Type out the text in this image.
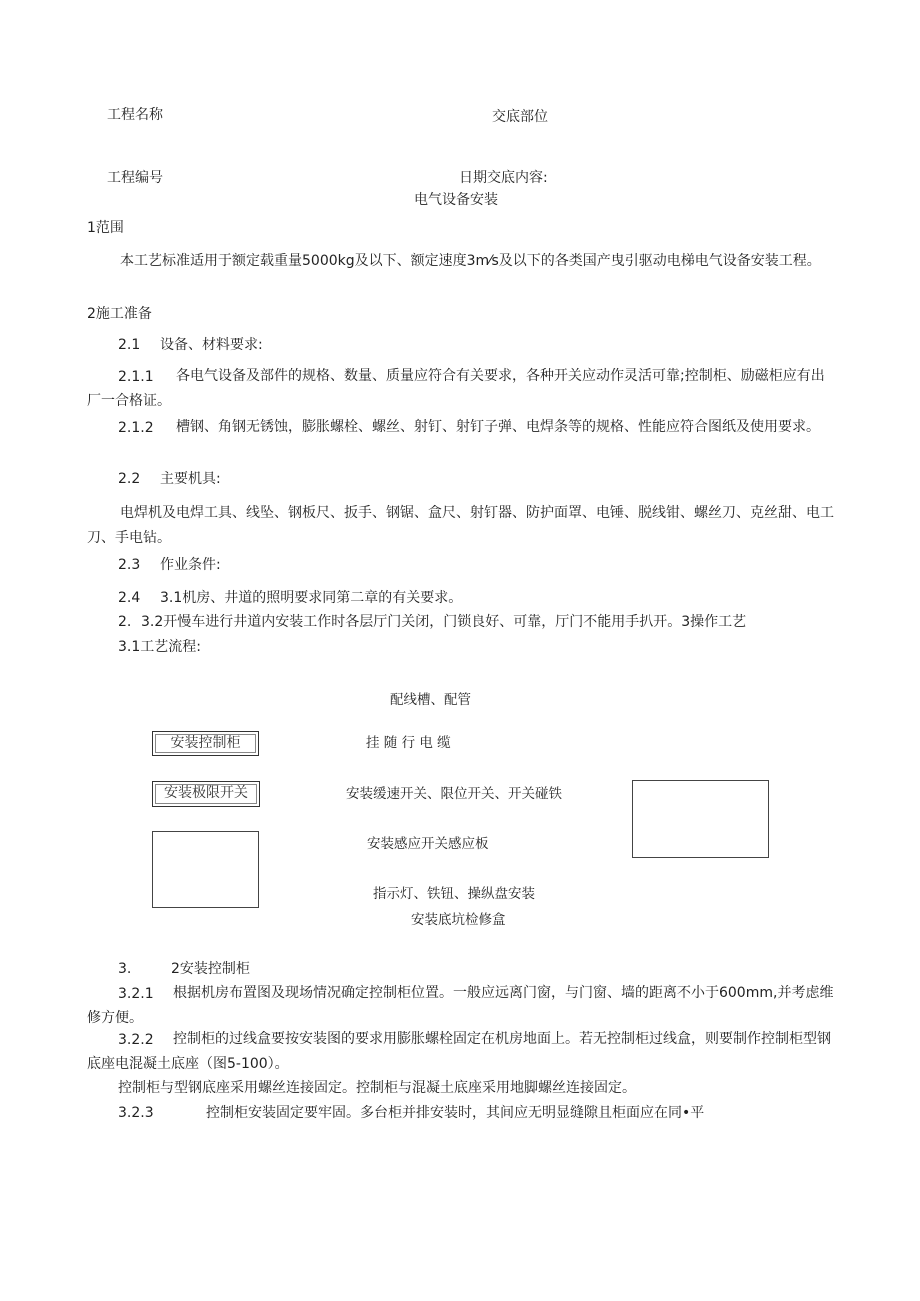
工程名称	交底部位
工程编号	日期交底内容:
电气设备安装
1范围
本工艺标准适用于额定载重量5000kg及以下、额定速度3m⁄s及以下的各类国产曳引驱动电梯电气设备安装工程。
2施工准备
2.1 设备、材料要求:
2.1.1	各电气设备及部件的规格、数量、质量应符合有关要求，各种开关应动作灵活可靠;控制柜、励磁柜应有出厂一合格证。
2.1.2	槽钢、角钢无锈蚀，膨胀螺栓、螺丝、射钉、射钉子弹、电焊条等的规格、性能应符合图纸及使用要求。
2.2 主要机具:
电焊机及电焊工具、线坠、钢板尺、扳手、钢锯、盒尺、射钉器、防护面罩、电锤、脱线钳、螺丝刀、克丝甜、电工刀、手电钻。
2.3 作业条件:
2.4 3.1机房、井道的照明要求同第二章的有关要求。
2. 3.2开慢车进行井道内安装工作时各层厅门关闭，门锁良好、可靠，厅门不能用手扒开。3操作工艺
3.1工艺流程:
配线槽、配管
安装控制柜	挂 随 行 电 缆
安装极限开关	安装缓速开关、限位开关、开关碰铁
安装感应开关感应板
指示灯、铁钮、操纵盘安装
安装底坑检修盒
3.	2安装控制柜
3.2.1	根据机房布置图及现场情况确定控制柜位置。一般应远离门窗，与门窗、墙的距离不小于600mm,并考虑维修方便。
3.2.2	控制柜的过线盒要按安装图的要求用膨胀螺栓固定在机房地面上。若无控制柜过线盒，则要制作控制柜型钢底座电混凝土底座（图5-100）。
控制柜与型钢底座采用螺丝连接固定。控制柜与混凝土底座采用地脚螺丝连接固定。
3.2.3	控制柜安装固定要牢固。多台柜并排安装时，其间应无明显缝隙且柜面应在同•平
